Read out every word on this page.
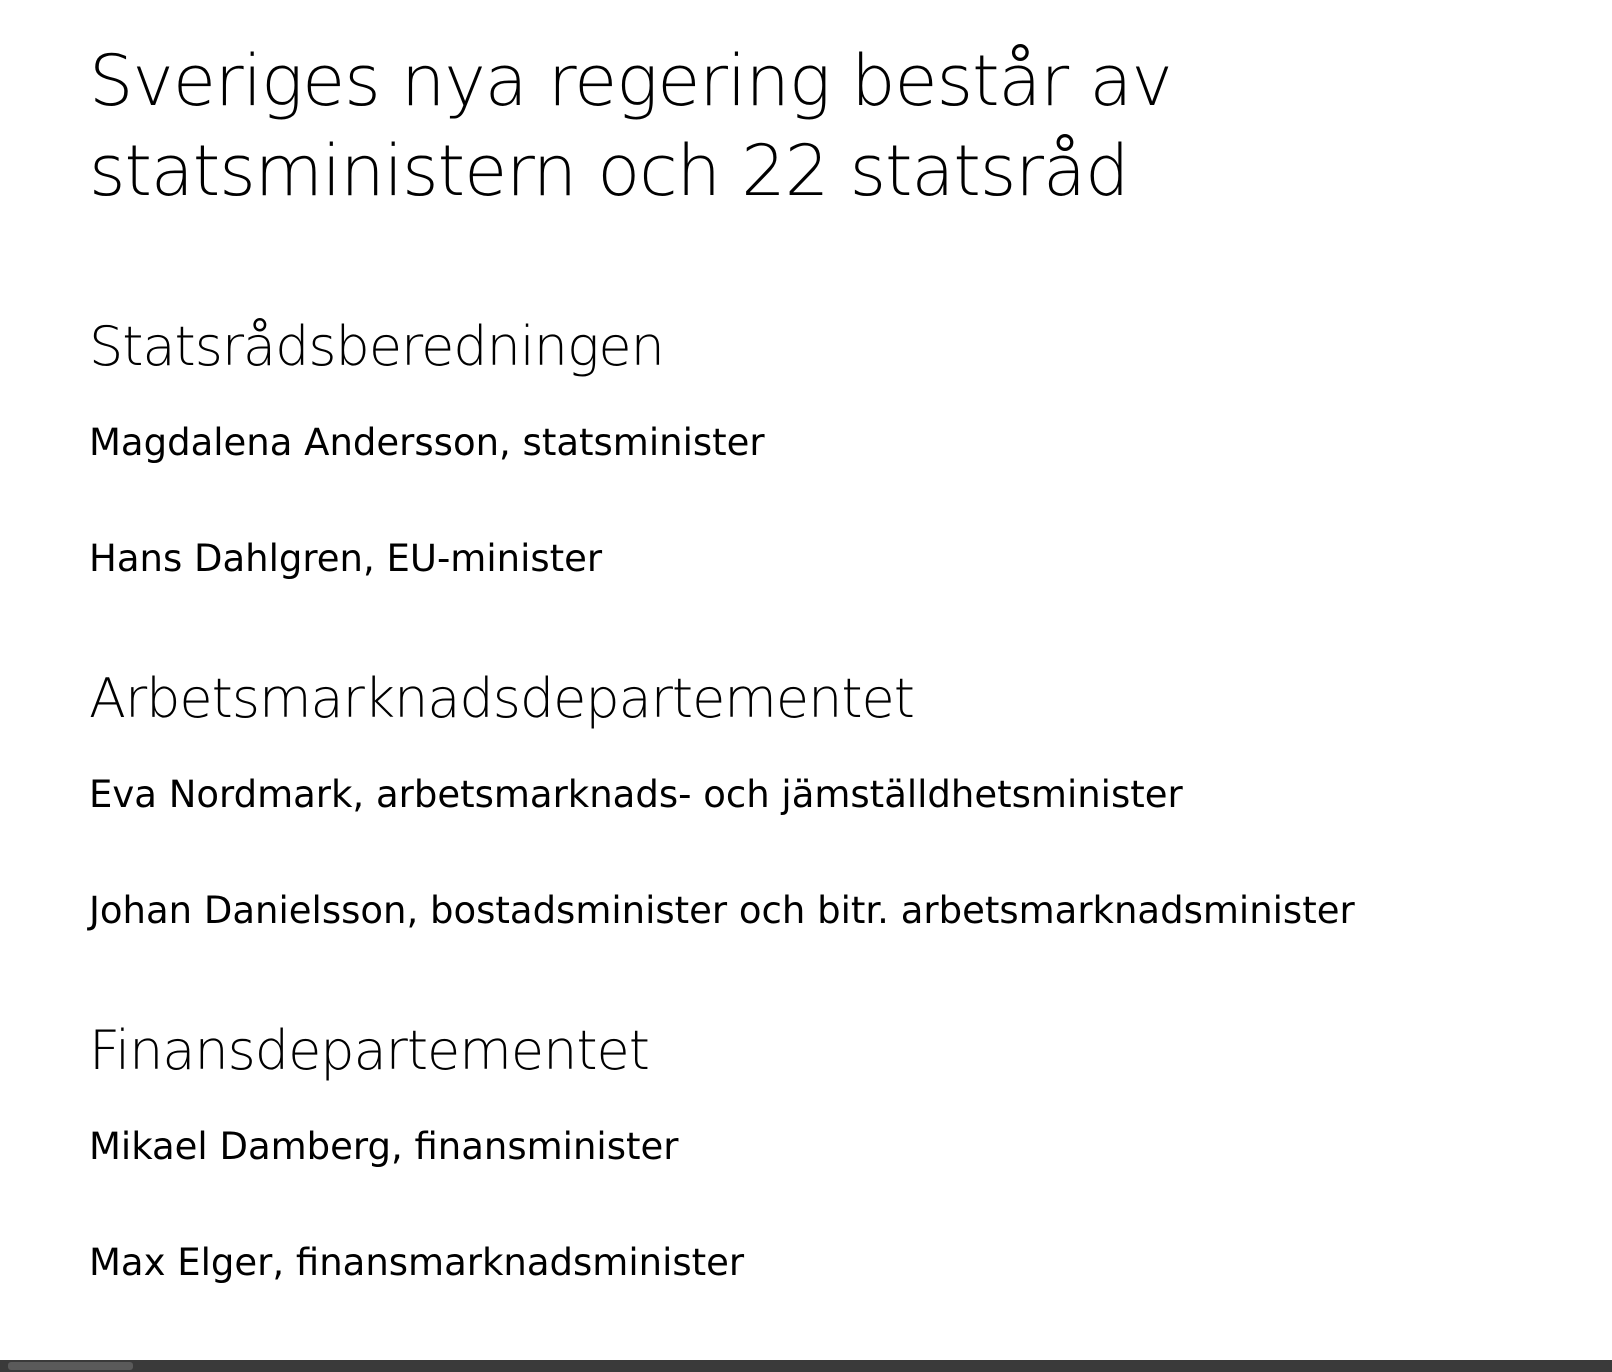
Sveriges nya regering består av
statsministern och 22 statsråd
Statsrådsberedningen

Magdalena Andersson, statsminister

Hans Dahlgren, EU-minister

Arbetsmarknadsdepartementet

Eva Nordmark, arbetsmarknads- och jämställdhetsminister

Johan Danielsson, bostadsminister och bitr. arbetsmarknadsminister

Finansdepartementet

Mikael Damberg, finansminister

Max Elger, finansmarknadsminister
